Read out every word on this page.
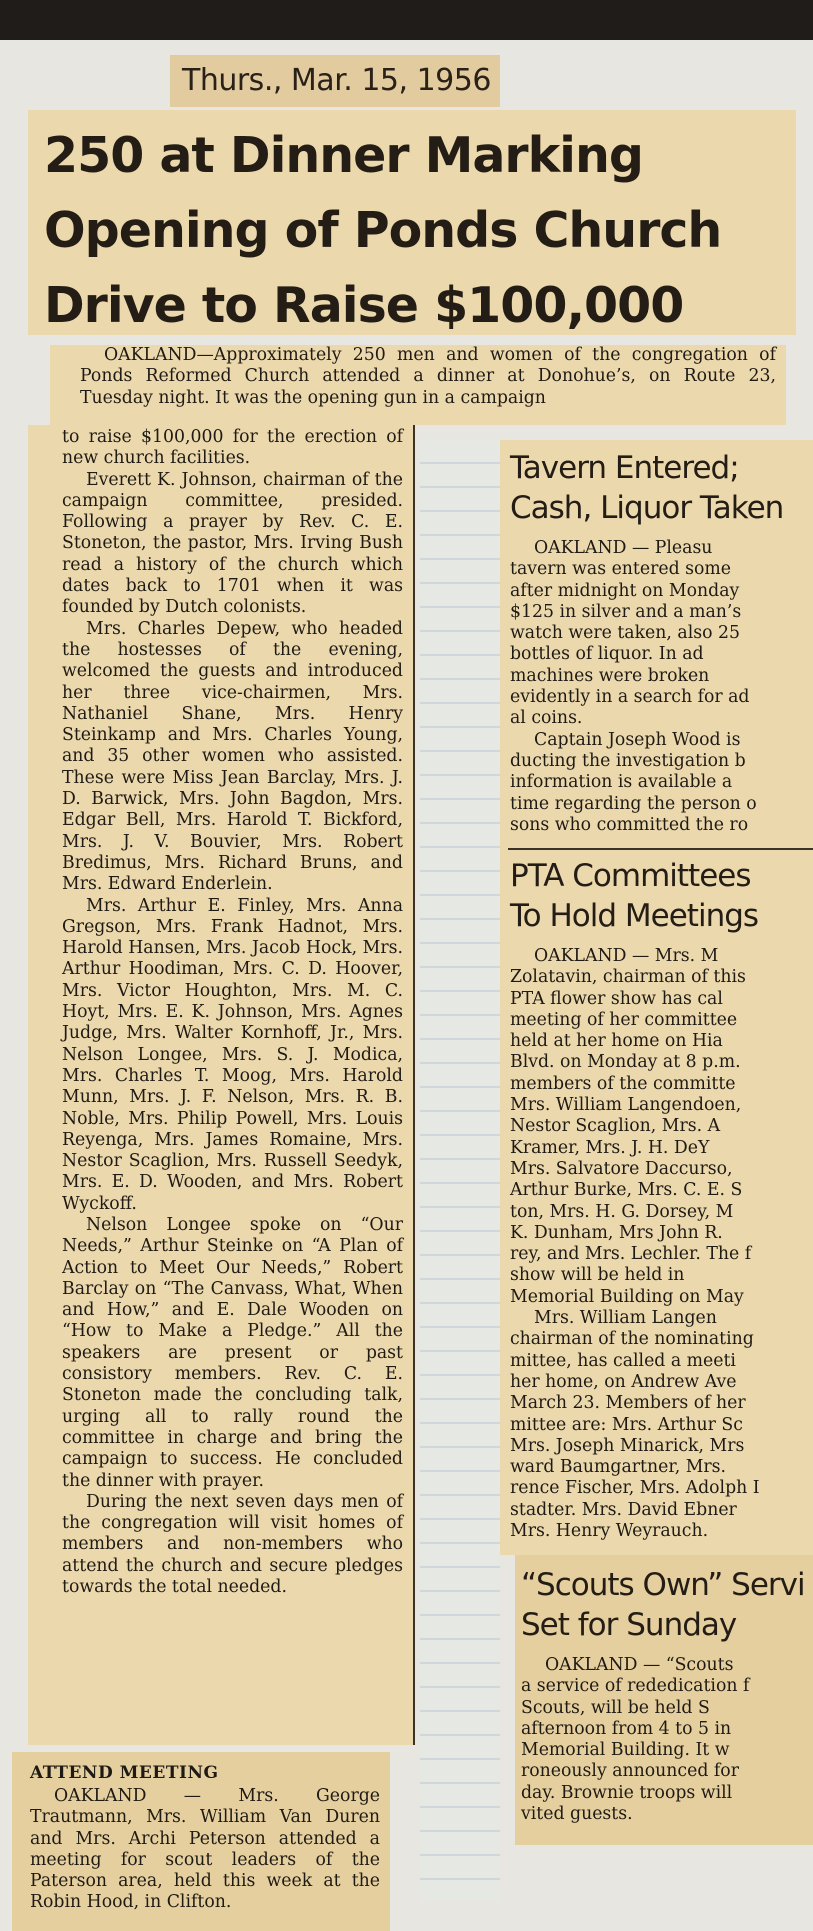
Thurs., Mar. 15, 1956
250 at Dinner Marking
Opening of Ponds Church
Drive to Raise $100,000

OAKLAND—Approximately 250 men and women of the congregation of Ponds Reformed Church attended a dinner at Donohue’s, on Route 23, Tuesday night. It was the opening gun in a campaign

to raise $100,000 for the erection of new church facilities.

Everett K. Johnson, chairman of the campaign committee, presided. Following a prayer by Rev. C. E. Stoneton, the pastor, Mrs. Irving Bush read a history of the church which dates back to 1701 when it was founded by Dutch colonists.

Mrs. Charles Depew, who headed the hostesses of the evening, welcomed the guests and introduced her three vice-chairmen, Mrs. Nathaniel Shane, Mrs. Henry Steinkamp and Mrs. Charles Young, and 35 other women who assisted. These were Miss Jean Barclay, Mrs. J. D. Barwick, Mrs. John Bagdon, Mrs. Edgar Bell, Mrs. Harold T. Bickford, Mrs. J. V. Bouvier, Mrs. Robert Bredimus, Mrs. Richard Bruns, and Mrs. Edward Enderlein.

Mrs. Arthur E. Finley, Mrs. Anna Gregson, Mrs. Frank Hadnot, Mrs. Harold Hansen, Mrs. Jacob Hock, Mrs. Arthur Hoodiman, Mrs. C. D. Hoover, Mrs. Victor Houghton, Mrs. M. C. Hoyt, Mrs. E. K. Johnson, Mrs. Agnes Judge, Mrs. Walter Kornhoff, Jr., Mrs. Nelson Longee, Mrs. S. J. Modica, Mrs. Charles T. Moog, Mrs. Harold Munn, Mrs. J. F. Nelson, Mrs. R. B. Noble, Mrs. Philip Powell, Mrs. Louis Reyenga, Mrs. James Romaine, Mrs. Nestor Scaglion, Mrs. Russell Seedyk, Mrs. E. D. Wooden, and Mrs. Robert Wyckoff.

Nelson Longee spoke on “Our Needs,” Arthur Steinke on “A Plan of Action to Meet Our Needs,” Robert Barclay on “The Canvass, What, When and How,” and E. Dale Wooden on “How to Make a Pledge.” All the speakers are present or past consistory members. Rev. C. E. Stoneton made the concluding talk, urging all to rally round the committee in charge and bring the campaign to success. He concluded the dinner with prayer.

During the next seven days men of the congregation will visit homes of members and non-members who attend the church and secure pledges towards the total needed.

Tavern Entered;
Cash, Liquor Taken

OAKLAND — Pleasu

tavern was entered some

after midnight on Monday

$125 in silver and a man’s

watch were taken, also 25

bottles of liquor. In ad

machines were broken

evidently in a search for ad

al coins.

Captain Joseph Wood is

ducting the investigation b

information is available a

time regarding the person o

sons who committed the ro

PTA Committees
To Hold Meetings

OAKLAND — Mrs. M

Zolatavin, chairman of this

PTA flower show has cal

meeting of her committee

held at her home on Hia

Blvd. on Monday at 8 p.m.

members of the committe

Mrs. William Langendoen,

Nestor Scaglion, Mrs. A

Kramer, Mrs. J. H. DeY

Mrs. Salvatore Daccurso,

Arthur Burke, Mrs. C. E. S

ton, Mrs. H. G. Dorsey, M

K. Dunham, Mrs John R.

rey, and Mrs. Lechler. The f

show will be held in

Memorial Building on May

Mrs. William Langen

chairman of the nominating

mittee, has called a meeti

her home, on Andrew Ave

March 23. Members of her

mittee are: Mrs. Arthur Sc

Mrs. Joseph Minarick, Mrs

ward Baumgartner, Mrs.

rence Fischer, Mrs. Adolph I

stadter. Mrs. David Ebner

Mrs. Henry Weyrauch.

“Scouts Own” Servi
Set for Sunday

OAKLAND — “Scouts

a service of rededication f

Scouts, will be held S

afternoon from 4 to 5 in

Memorial Building. It w

roneously announced for

day. Brownie troops will

vited guests.

ATTEND MEETING

OAKLAND — Mrs. George Trautmann, Mrs. William Van Duren and Mrs. Archi Peterson attended a meeting for scout leaders of the Paterson area, held this week at the Robin Hood, in Clifton.
